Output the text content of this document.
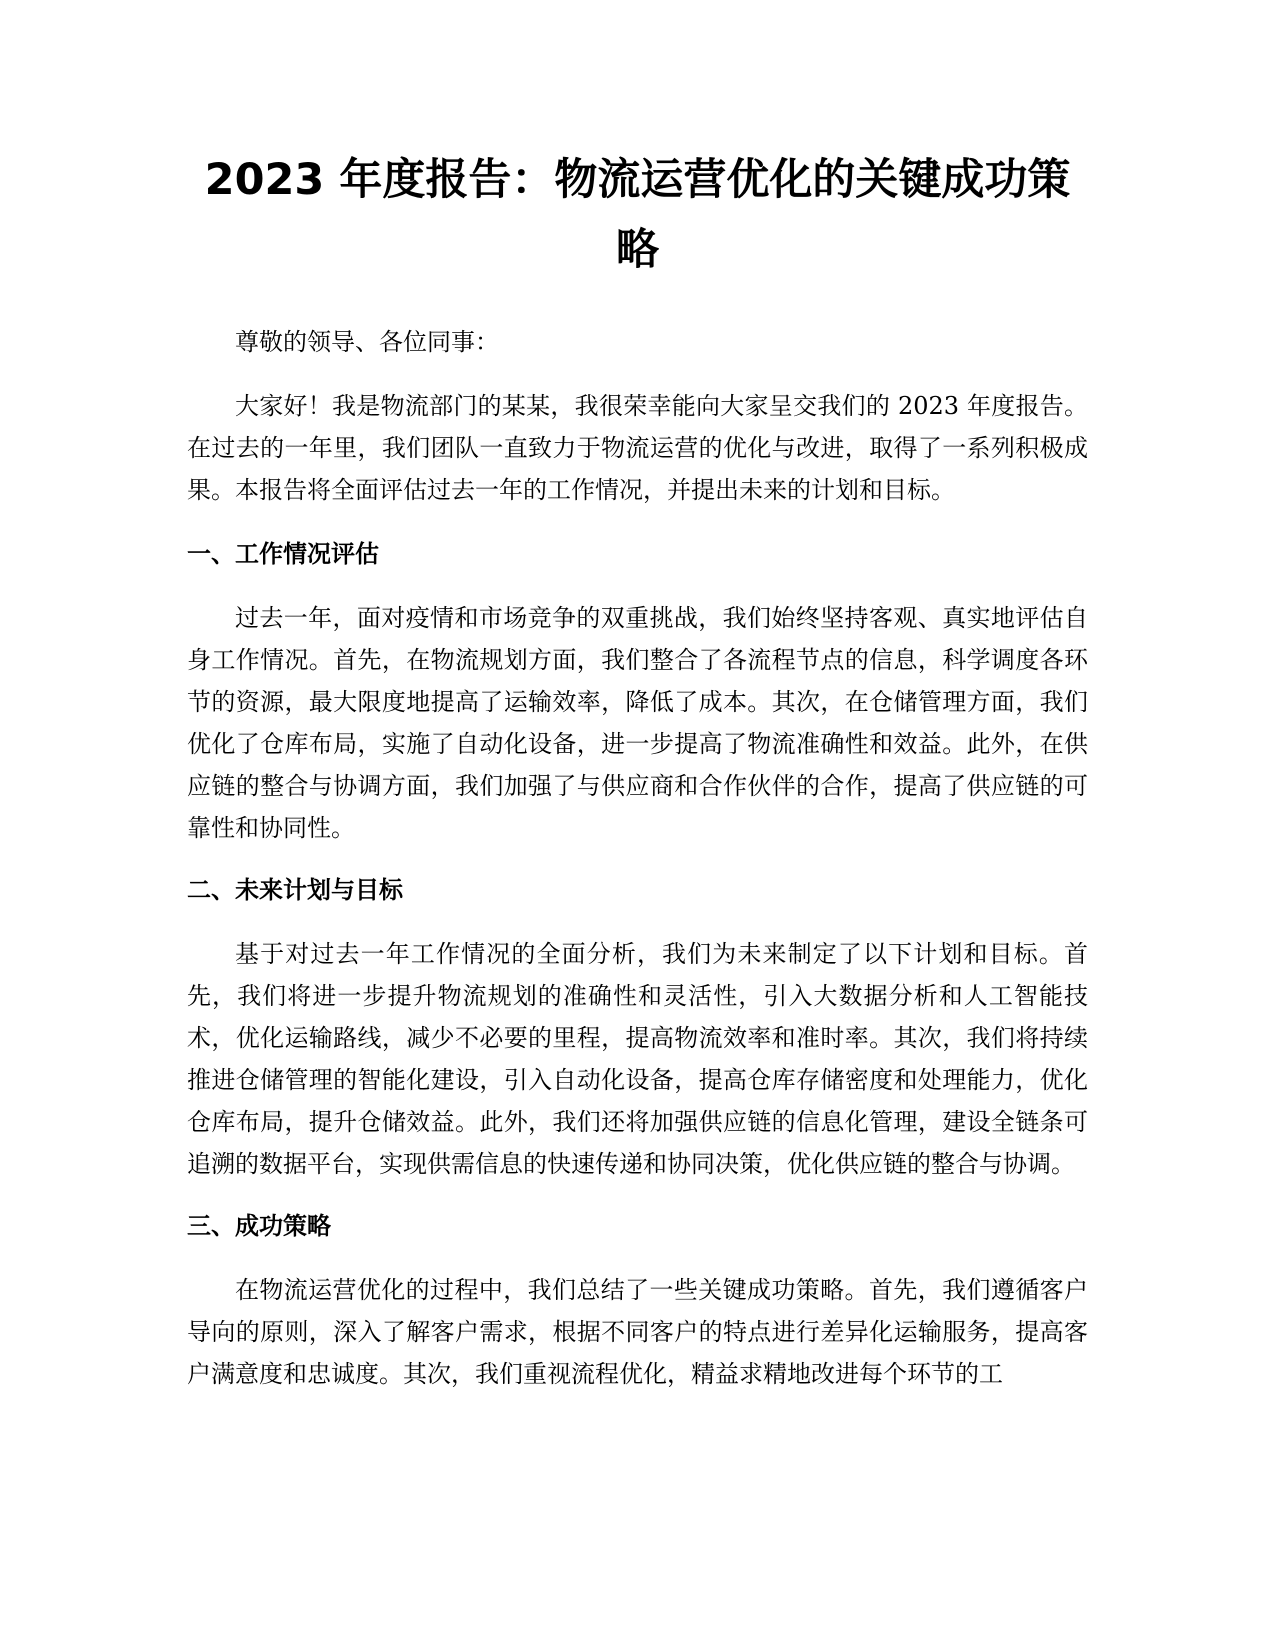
2023 年度报告：物流运营优化的关键成功策略

尊敬的领导、各位同事：

大家好！我是物流部门的某某，我很荣幸能向大家呈交我们的 2023 年度报告。在过去的一年里，我们团队一直致力于物流运营的优化与改进，取得了一系列积极成果。本报告将全面评估过去一年的工作情况，并提出未来的计划和目标。

一、工作情况评估

过去一年，面对疫情和市场竞争的双重挑战，我们始终坚持客观、真实地评估自身工作情况。首先，在物流规划方面，我们整合了各流程节点的信息，科学调度各环节的资源，最大限度地提高了运输效率，降低了成本。其次，在仓储管理方面，我们优化了仓库布局，实施了自动化设备，进一步提高了物流准确性和效益。此外，在供应链的整合与协调方面，我们加强了与供应商和合作伙伴的合作，提高了供应链的可靠性和协同性。

二、未来计划与目标

基于对过去一年工作情况的全面分析，我们为未来制定了以下计划和目标。首先，我们将进一步提升物流规划的准确性和灵活性，引入大数据分析和人工智能技术，优化运输路线，减少不必要的里程，提高物流效率和准时率。其次，我们将持续推进仓储管理的智能化建设，引入自动化设备，提高仓库存储密度和处理能力，优化仓库布局，提升仓储效益。此外，我们还将加强供应链的信息化管理，建设全链条可追溯的数据平台，实现供需信息的快速传递和协同决策，优化供应链的整合与协调。

三、成功策略

在物流运营优化的过程中，我们总结了一些关键成功策略。首先，我们遵循客户导向的原则，深入了解客户需求，根据不同客户的特点进行差异化运输服务，提高客户满意度和忠诚度。其次，我们重视流程优化，精益求精地改进每个环节的工
